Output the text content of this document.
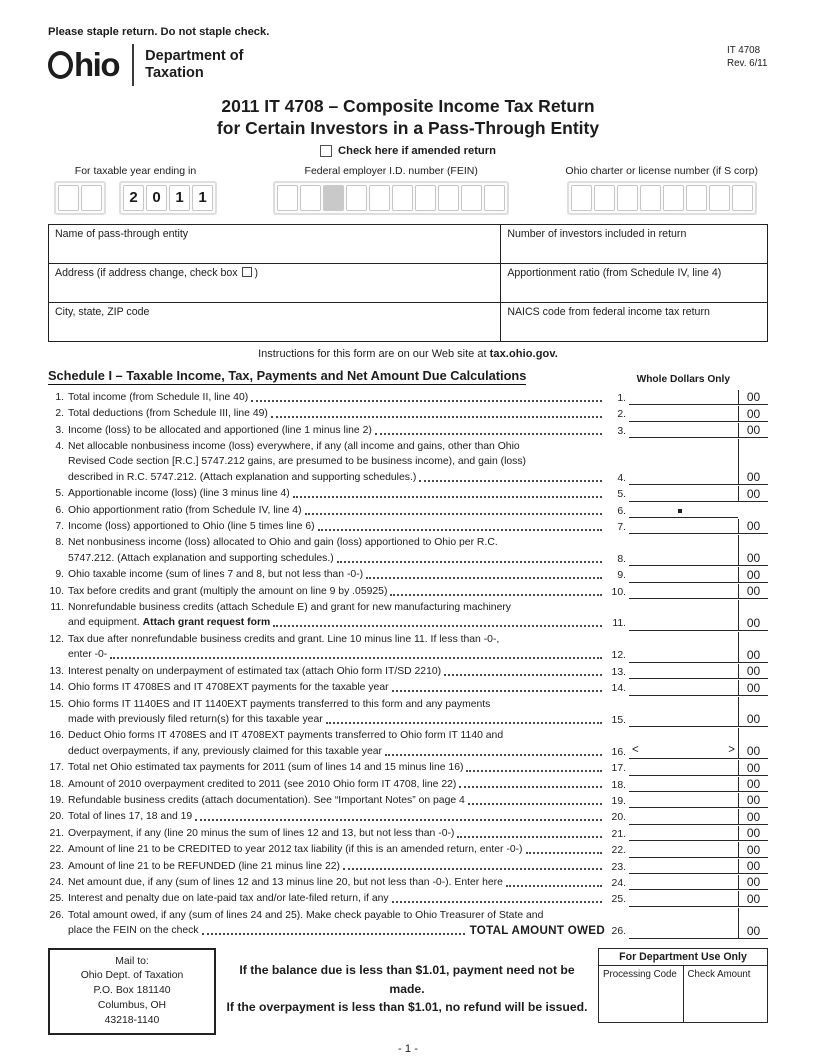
Please staple return. Do not staple check.
hio Department of
Taxation
IT 4708
Rev. 6/11
2011 IT 4708 – Composite Income Tax Return
for Certain Investors in a Pass-Through Entity
Check here if amended return
For taxable year ending in
2 0 1 1
Federal employer I.D. number (FEIN)	Ohio charter or license number (if S corp)
Name of pass-through entity	Number of investors included in return
Address (if address change, check box )	Apportionment ratio (from Schedule IV, line 4)
City, state, ZIP code	NAICS code from federal income tax return
Instructions for this form are on our Web site at tax.ohio.gov.
Schedule I – Taxable Income, Tax, Payments and Net Amount Due Calculations	Whole Dollars Only
1. Total income (from Schedule II, line 40)	1.	00
2. Total deductions (from Schedule III, line 49)	2.	00
3. Income (loss) to be allocated and apportioned (line 1 minus line 2)	3.	00
4. Net allocable nonbusiness income (loss) everywhere, if any (all income and gains, other than Ohio
Revised Code section [R.C.] 5747.212 gains, are presumed to be business income), and gain (loss)
described in R.C. 5747.212. (Attach explanation and supporting schedules.)	4.	00
5. Apportionable income (loss) (line 3 minus line 4)	5.	00
6. Ohio apportionment ratio (from Schedule IV, line 4)	6.
7. Income (loss) apportioned to Ohio (line 5 times line 6)	7.	00
8. Net nonbusiness income (loss) allocated to Ohio and gain (loss) apportioned to Ohio per R.C.
5747.212. (Attach explanation and supporting schedules.)	8.	00
9. Ohio taxable income (sum of lines 7 and 8, but not less than -0-)	9.	00
10. Tax before credits and grant (multiply the amount on line 9 by .05925)	10.	00
11. Nonrefundable business credits (attach Schedule E) and grant for new manufacturing machinery
and equipment. Attach grant request form	11.	00
12. Tax due after nonrefundable business credits and grant. Line 10 minus line 11. If less than -0-,
enter -0-	12.	00
13. Interest penalty on underpayment of estimated tax (attach Ohio form IT/SD 2210)	13.	00
14. Ohio forms IT 4708ES and IT 4708EXT payments for the taxable year	14.	00
15. Ohio forms IT 1140ES and IT 1140EXT payments transferred to this form and any payments
made with previously filed return(s) for this taxable year	15.	00
16. Deduct Ohio forms IT 4708ES and IT 4708EXT payments transferred to Ohio form IT 1140 and
deduct overpayments, if any, previously claimed for this taxable year	16. <	> 00
17. Total net Ohio estimated tax payments for 2011 (sum of lines 14 and 15 minus line 16)	17.	00
18. Amount of 2010 overpayment credited to 2011 (see 2010 Ohio form IT 4708, line 22)	18.	00
19. Refundable business credits (attach documentation). See “Important Notes” on page 4	19.	00
20. Total of lines 17, 18 and 19	20.	00
21. Overpayment, if any (line 20 minus the sum of lines 12 and 13, but not less than -0-)	21.	00
22. Amount of line 21 to be CREDITED to year 2012 tax liability (if this is an amended return, enter -0-)	22.	00
23. Amount of line 21 to be REFUNDED (line 21 minus line 22)	23.	00
24. Net amount due, if any (sum of lines 12 and 13 minus line 20, but not less than -0-). Enter here	24.	00
25. Interest and penalty due on late-paid tax and/or late-filed return, if any	25.	00
26. Total amount owed, if any (sum of lines 24 and 25). Make check payable to Ohio Treasurer of State and
place the FEIN on the check	TOTAL AMOUNT OWED 26.	00
Mail to:
Ohio Dept. of Taxation
P.O. Box 181140
Columbus, OH
43218-1140
If the balance due is less than $1.01, payment need not be made.
If the overpayment is less than $1.01, no refund will be issued.
For Department Use Only
Processing Code	Check Amount
- 1 -
